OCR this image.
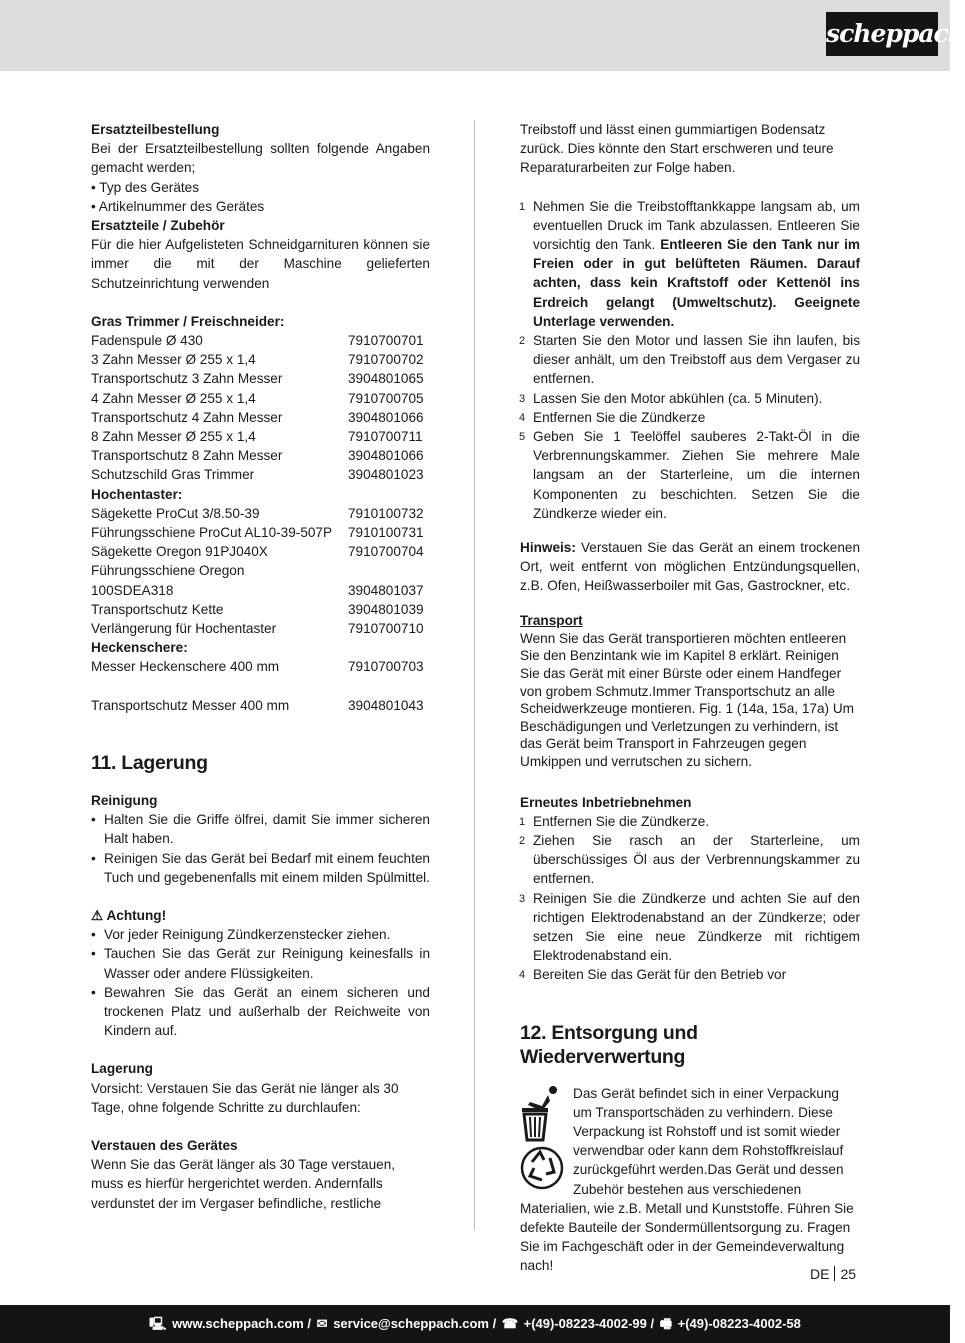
scheppach

Ersatzteilbestellung

Bei der Ersatzteilbestellung sollten folgende Angaben gemacht werden;

• Typ des Gerätes

• Artikelnummer des Gerätes

Ersatzteile / Zubehör

Für die hier Aufgelisteten Schneidgarnituren können sie immer die mit der Maschine gelieferten Schutzeinrichtung verwenden

Gras Trimmer / Freischneider:

Fadenspule Ø 430	7910700701
3 Zahn Messer Ø 255 x 1,4	7910700702
Transportschutz 3 Zahn Messer	3904801065
4 Zahn Messer Ø 255 x 1,4	7910700705
Transportschutz 4 Zahn Messer	3904801066
8 Zahn Messer Ø 255 x 1,4	7910700711
Transportschutz 8 Zahn Messer	3904801066
Schutzschild Gras Trimmer	3904801023

Hochentaster:

Sägekette ProCut 3/8.50-39	7910100732
Führungsschiene ProCut AL10-39-507P 7910100731
Sägekette Oregon 91PJ040X	7910700704
Führungsschiene Oregon
100SDEA318	3904801037
Transportschutz Kette	3904801039
Verlängerung für Hochentaster	7910700710

Heckenschere:

Messer Heckenschere 400 mm	7910700703
Transportschutz Messer 400 mm	3904801043
11. Lagerung

Reinigung

• Halten Sie die Griffe ölfrei, damit Sie immer sicheren Halt haben.
• Reinigen Sie das Gerät bei Bedarf mit einem feuchten Tuch und gegebenenfalls mit einem milden Spülmittel.

⚠ Achtung!

• Vor jeder Reinigung Zündkerzenstecker ziehen.
• Tauchen Sie das Gerät zur Reinigung keinesfalls in Wasser oder andere Flüssigkeiten.
• Bewahren Sie das Gerät an einem sicheren und trockenen Platz und außerhalb der Reichweite von Kindern auf.

Lagerung

Vorsicht: Verstauen Sie das Gerät nie länger als 30 Tage, ohne folgende Schritte zu durchlaufen:

Verstauen des Gerätes

Wenn Sie das Gerät länger als 30 Tage verstauen, muss es hierfür hergerichtet werden. Andernfalls verdunstet der im Vergaser befindliche, restliche

Treibstoff und lässt einen gummiartigen Bodensatz zurück. Dies könnte den Start erschweren und teure Reparaturarbeiten zur Folge haben.

1 Nehmen Sie die Treibstofftankkappe langsam ab, um eventuellen Druck im Tank abzulassen. Entleeren Sie vorsichtig den Tank. Entleeren Sie den Tank nur im Freien oder in gut belüfteten Räumen. Darauf achten, dass kein Kraftstoff oder Kettenöl ins Erdreich gelangt (Umweltschutz). Geeignete Unterlage verwenden.
2 Starten Sie den Motor und lassen Sie ihn laufen, bis dieser anhält, um den Treibstoff aus dem Vergaser zu entfernen.
3 Lassen Sie den Motor abkühlen (ca. 5 Minuten).
4 Entfernen Sie die Zündkerze
5 Geben Sie 1 Teelöffel sauberes 2-Takt-Öl in die Verbrennungskammer. Ziehen Sie mehrere Male langsam an der Starterleine, um die internen Komponenten zu beschichten. Setzen Sie die Zündkerze wieder ein.

Hinweis: Verstauen Sie das Gerät an einem trockenen Ort, weit entfernt von möglichen Entzündungsquellen, z.B. Ofen, Heißwasserboiler mit Gas, Gastrockner, etc.

Transport

Wenn Sie das Gerät transportieren möchten entleeren Sie den Benzintank wie im Kapitel 8 erklärt. Reinigen Sie das Gerät mit einer Bürste oder einem Handfeger von grobem Schmutz.Immer Transportschutz an alle Scheidwerkzeuge montieren. Fig. 1 (14a, 15a, 17a) Um Beschädigungen und Verletzungen zu verhindern, ist das Gerät beim Transport in Fahrzeugen gegen Umkippen und verrutschen zu sichern.

Erneutes Inbetriebnehmen

1 Entfernen Sie die Zündkerze.
2 Ziehen Sie rasch an der Starterleine, um überschüssiges Öl aus der Verbrennungskammer zu entfernen.
3 Reinigen Sie die Zündkerze und achten Sie auf den richtigen Elektrodenabstand an der Zündkerze; oder setzen Sie eine neue Zündkerze mit richtigem Elektrodenabstand ein.
4 Bereiten Sie das Gerät für den Betrieb vor
12. Entsorgung und Wiederverwertung

Das Gerät befindet sich in einer Verpackung um Transportschäden zu verhindern. Diese Verpackung ist Rohstoff und ist somit wieder verwendbar oder kann dem Rohstoffkreislauf zurückgeführt werden.Das Gerät und dessen Zubehör bestehen aus verschiedenen Materialien, wie z.B. Metall und Kunststoffe. Führen Sie defekte Bauteile der Sondermüllentsorgung zu. Fragen Sie im Fachgeschäft oder in der Gemeindeverwaltung nach!

DE 25
🖳 www.scheppach.com / ✉ service@scheppach.com / ☎ +(49)-08223-4002-99 / 🖷 +(49)-08223-4002-58
